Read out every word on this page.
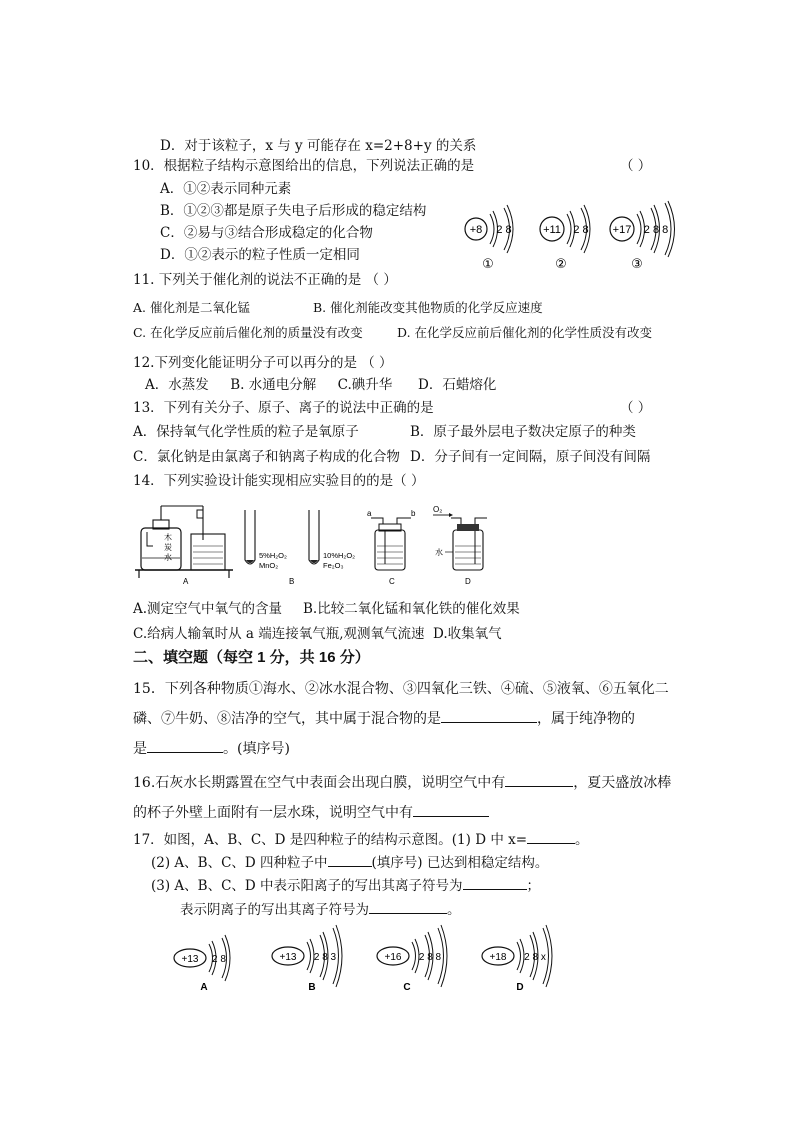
D．对于该粒子，x 与 y 可能存在 x=2+8+y 的关系
10．根据粒子结构示意图给出的信息，下列说法正确的是	（ ）
A．①②表示同种元素
B．①②③都是原子失电子后形成的稳定结构
C．②易与③结合形成稳定的化合物
D．①②表示的粒子性质一定相同
+8 2 8
①
+11 2 8
②
+17 2 8 8
③
11. 下列关于催化剂的说法不正确的是 （ ）
A. 催化剂是二氧化锰	B. 催化剂能改变其他物质的化学反应速度
C. 在化学反应前后催化剂的质量没有改变	D. 在化学反应前后催化剂的化学性质没有改变
12.下列变化能证明分子可以再分的是 （ ）
A．水蒸发     B. 水通电分解     C.碘升华      D．石蜡熔化
13．下列有关分子、原子、离子的说法中正确的是	（ ）
A．保持氧气化学性质的粒子是氧原子	B．原子最外层电子数决定原子的种类
C．氯化钠是由氯离子和钠离子构成的化合物 D．分子间有一定间隔，原子间没有间隔
14．下列实验设计能实现相应实验目的的是（ ）
木
炭
水
A
5%H₂O₂
MnO₂
10%H₂O₂
Fe₂O₃
B
a	b
C
O₂
水
D
A.测定空气中氧气的含量 B.比较二氧化锰和氧化铁的催化效果
C.给病人输氧时从 a 端连接氧气瓶,观测氧气流速 D.收集氧气
二、填空题（每空 1 分，共 16 分）
15．下列各种物质①海水、②冰水混合物、③四氧化三铁、④硫、⑤液氧、⑥五氧化二
磷、⑦牛奶、⑧洁净的空气，其中属于混合物的是	，属于纯净物的
是	。(填序号)
16.石灰水长期露置在空气中表面会出现白膜，说明空气中有	，夏天盛放冰棒
的杯子外壁上面附有一层水珠，说明空气中有
17．如图，A、B、C、D 是四种粒子的结构示意图。(1) D 中 x=	。
(2) A、B、C、D 四种粒子中	(填序号) 已达到相稳定结构。
(3) A、B、C、D 中表示阳离子的写出其离子符号为	；
表示阴离子的写出其离子符号为	。
+13 2 8
A
+13 2 8 3
B
+16 2 8 8
C
+18 2 8 x
D
